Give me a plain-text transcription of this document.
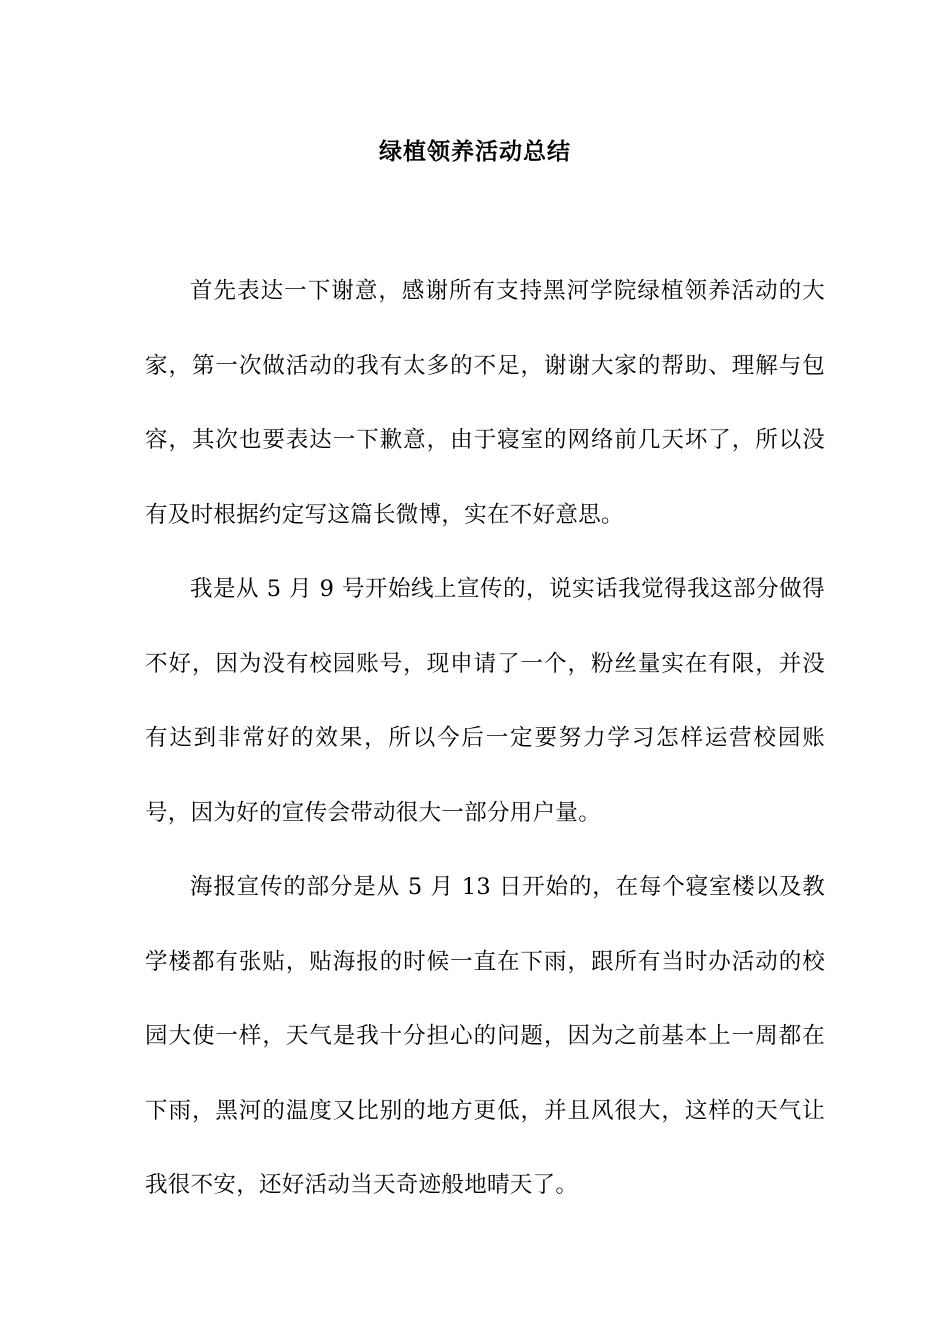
绿植领养活动总结

首先表达一下谢意，感谢所有支持黑河学院绿植领养活动的大家，第一次做活动的我有太多的不足，谢谢大家的帮助、理解与包容，其次也要表达一下歉意，由于寝室的网络前几天坏了，所以没有及时根据约定写这篇长微博，实在不好意思。

我是从 5 月 9 号开始线上宣传的，说实话我觉得我这部分做得不好，因为没有校园账号，现申请了一个，粉丝量实在有限，并没有达到非常好的效果，所以今后一定要努力学习怎样运营校园账号，因为好的宣传会带动很大一部分用户量。

海报宣传的部分是从 5 月 13 日开始的，在每个寝室楼以及教学楼都有张贴，贴海报的时候一直在下雨，跟所有当时办活动的校园大使一样，天气是我十分担心的问题，因为之前基本上一周都在下雨，黑河的温度又比别的地方更低，并且风很大，这样的天气让我很不安，还好活动当天奇迹般地晴天了。
